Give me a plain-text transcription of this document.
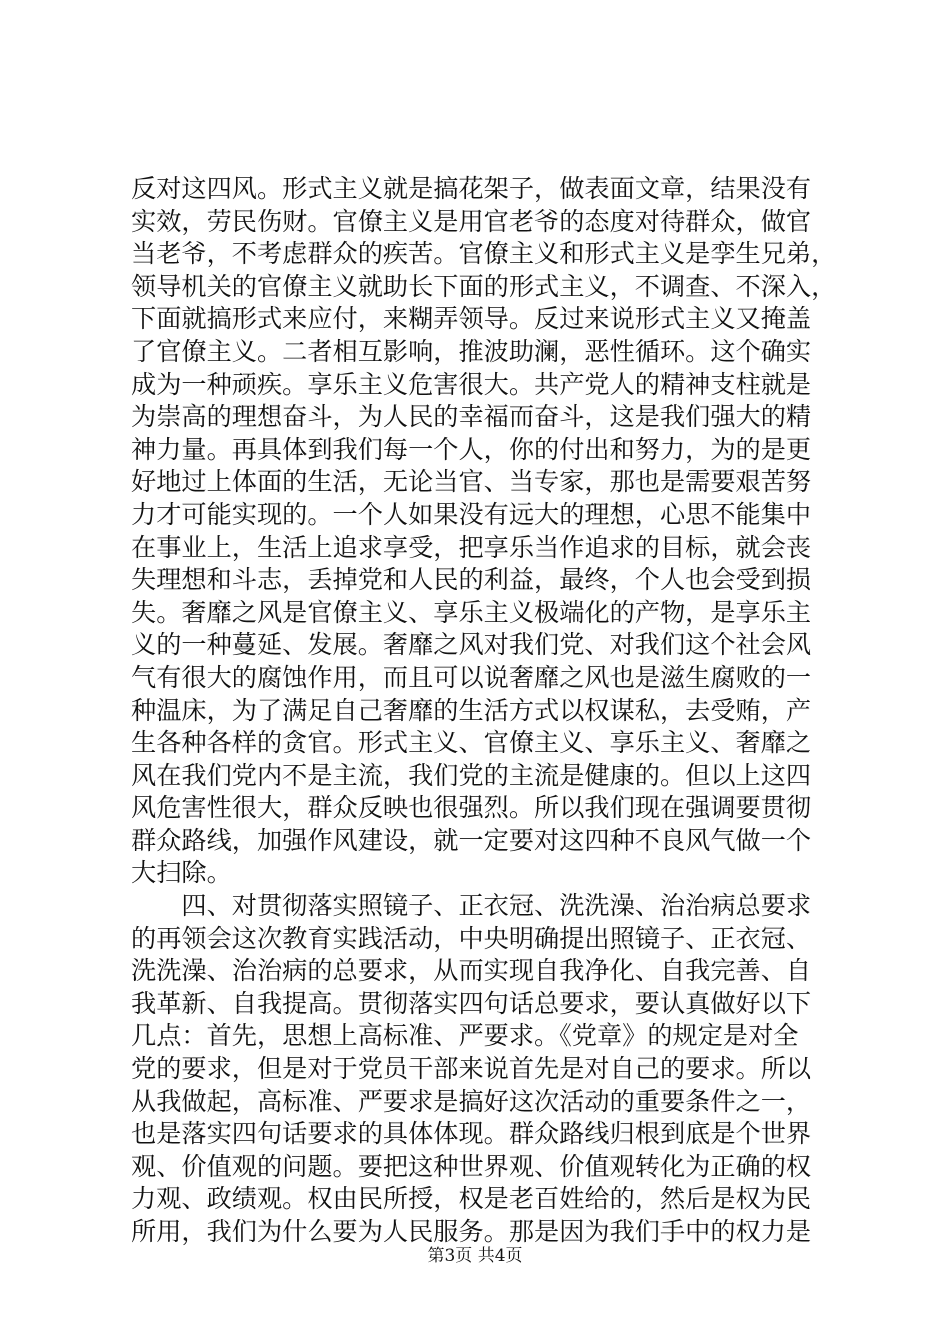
反对这四风。形式主义就是搞花架子，做表面文章，结果没有
实效，劳民伤财。官僚主义是用官老爷的态度对待群众，做官
当老爷，不考虑群众的疾苦。官僚主义和形式主义是孪生兄弟，
领导机关的官僚主义就助长下面的形式主义，不调查、不深入，
下面就搞形式来应付，来糊弄领导。反过来说形式主义又掩盖
了官僚主义。二者相互影响，推波助澜，恶性循环。这个确实
成为一种顽疾。享乐主义危害很大。共产党人的精神支柱就是
为崇高的理想奋斗，为人民的幸福而奋斗，这是我们强大的精
神力量。再具体到我们每一个人，你的付出和努力，为的是更
好地过上体面的生活，无论当官、当专家，那也是需要艰苦努
力才可能实现的。一个人如果没有远大的理想，心思不能集中
在事业上，生活上追求享受，把享乐当作追求的目标，就会丧
失理想和斗志，丢掉党和人民的利益，最终，个人也会受到损
失。奢靡之风是官僚主义、享乐主义极端化的产物，是享乐主
义的一种蔓延、发展。奢靡之风对我们党、对我们这个社会风
气有很大的腐蚀作用，而且可以说奢靡之风也是滋生腐败的一
种温床，为了满足自己奢靡的生活方式以权谋私，去受贿，产
生各种各样的贪官。形式主义、官僚主义、享乐主义、奢靡之
风在我们党内不是主流，我们党的主流是健康的。但以上这四
风危害性很大，群众反映也很强烈。所以我们现在强调要贯彻
群众路线，加强作风建设，就一定要对这四种不良风气做一个
大扫除。
　　四、对贯彻落实照镜子、正衣冠、洗洗澡、治治病总要求
的再领会这次教育实践活动，中央明确提出照镜子、正衣冠、
洗洗澡、治治病的总要求，从而实现自我净化、自我完善、自
我革新、自我提高。贯彻落实四句话总要求，要认真做好以下
几点：首先，思想上高标准、严要求。《党章》的规定是对全
党的要求，但是对于党员干部来说首先是对自己的要求。所以
从我做起，高标准、严要求是搞好这次活动的重要条件之一，
也是落实四句话要求的具体体现。群众路线归根到底是个世界
观、价值观的问题。要把这种世界观、价值观转化为正确的权
力观、政绩观。权由民所授，权是老百姓给的，然后是权为民
所用，我们为什么要为人民服务。那是因为我们手中的权力是
第3页 共4页
